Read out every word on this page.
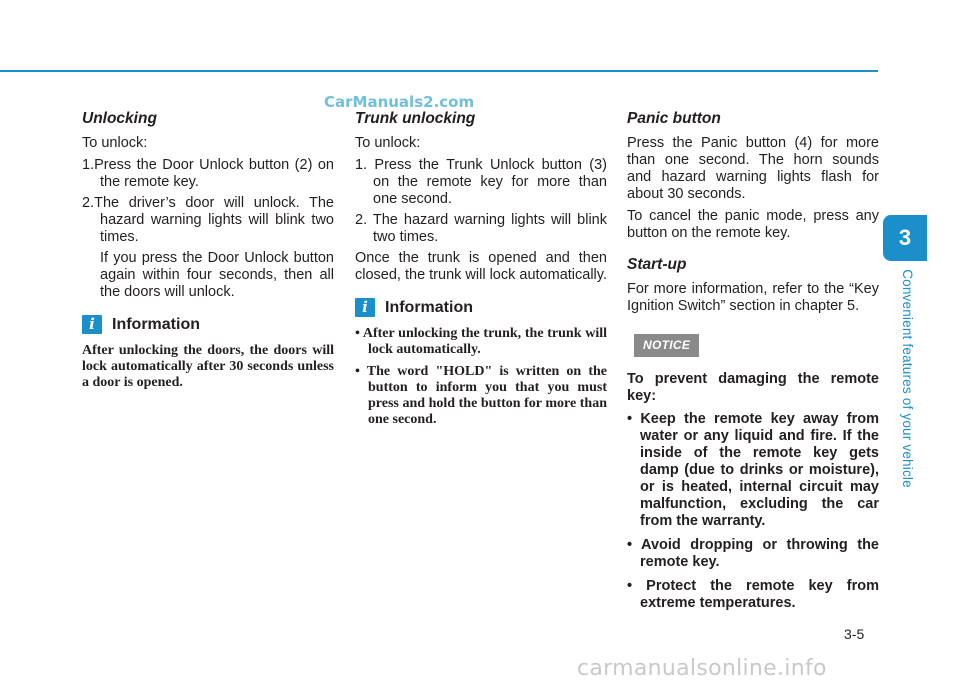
CarManuals2.com
Unlocking
To unlock:
1.Press the Door Unlock button (2) on the remote key.
2.The driver’s door will unlock. The hazard warning lights will blink two times.
If you press the Door Unlock button again within four seconds, then all the doors will unlock.
i	Information
After unlocking the doors, the doors will lock automatically after 30 seconds unless a door is opened.
Trunk unlocking
To unlock:
1. Press the Trunk Unlock button (3) on the remote key for more than one second.
2. The hazard warning lights will blink two times.
Once the trunk is opened and then closed, the trunk will lock automatically.
i	Information
• After unlocking the trunk, the trunk will lock automatically.
• The word "HOLD" is written on the button to inform you that you must press and hold the button for more than one second.
Panic button
Press the Panic button (4) for more than one second. The horn sounds and hazard warning lights flash for about 30 seconds.
To cancel the panic mode, press any button on the remote key.
Start-up
For more information, refer to the “Key Ignition Switch” section in chapter 5.
NOTICE
To prevent damaging the remote key:
• Keep the remote key away from water or any liquid and fire. If the inside of the remote key gets damp (due to drinks or moisture), or is heated, internal circuit may malfunction, excluding the car from the warranty.
• Avoid dropping or throwing the remote key.
• Protect the remote key from extreme temperatures.
3
Convenient features of your vehicle
3-5
carmanualsonline.info
